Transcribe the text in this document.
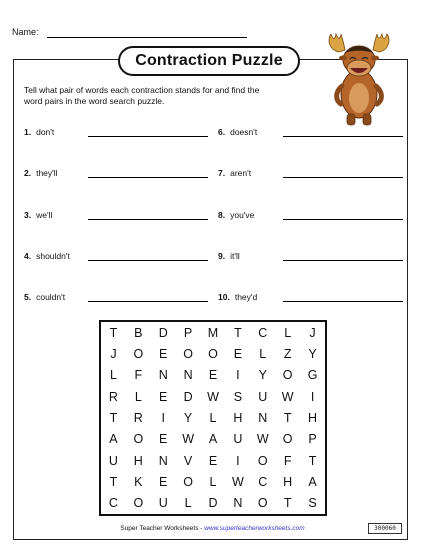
Name:
Contraction Puzzle
Tell what pair of words each contraction stands for and find the word pairs in the word search puzzle.
1. don't
2. they'll
3. we'll
4. shouldn't
5. couldn't
6. doesn't
7. aren't
8. you've
9. it'll
10. they'd
T B D P M T C L J
J O E O O E L Z Y
L F N N E I Y O G
R L E D W S U W I
T R I Y L H N T H
A O E W A U W O P
U H N V E I O F T
T K E O L W C H A
C O U L D N O T S
Super Teacher Worksheets - www.superteacherworksheets.com	300060
